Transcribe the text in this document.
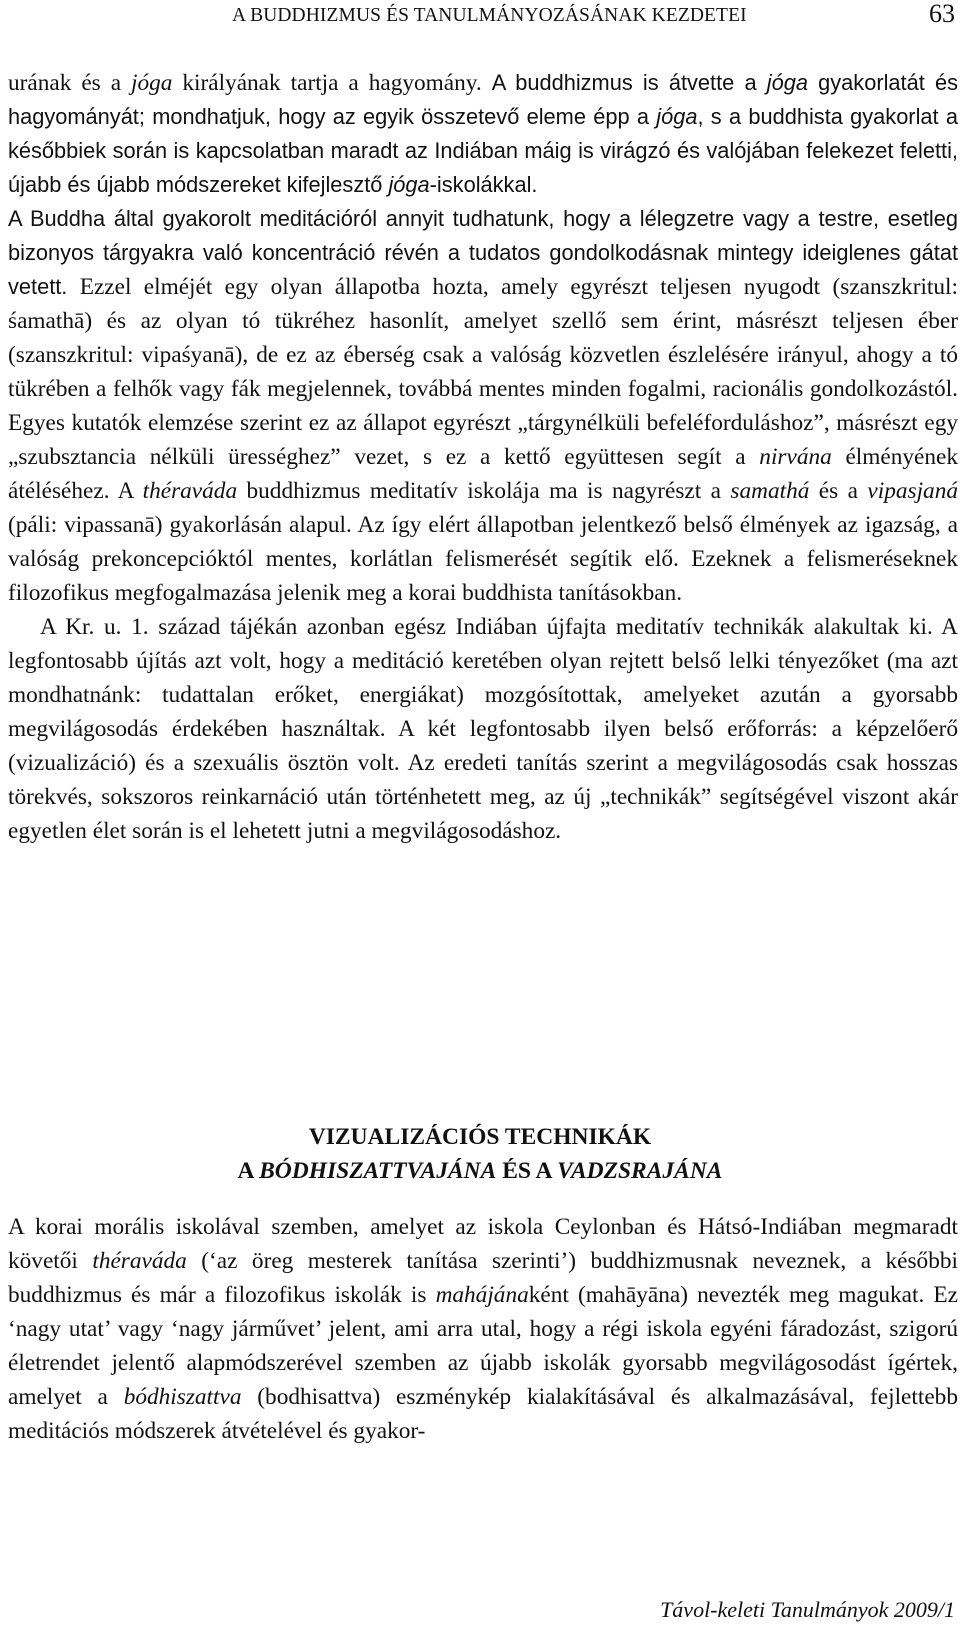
A BUDDHIZMUS ÉS TANULMÁNYOZÁSÁNAK KEZDETEI	63

urának és a jóga királyának tartja a hagyomány. A buddhizmus is átvette a jóga gyakorlatát és hagyományát; mondhatjuk, hogy az egyik összetevő eleme épp a jóga, s a buddhista gyakorlat a későbbiek során is kapcsolatban maradt az Indiában máig is virágzó és valójában felekezet feletti, újabb és újabb módszereket kifejlesztő jóga-iskolákkal.

A Buddha által gyakorolt meditációról annyit tudhatunk, hogy a lélegzetre vagy a testre, esetleg bizonyos tárgyakra való koncentráció révén a tudatos gondolkodásnak mintegy ideiglenes gátat vetett. Ezzel elméjét egy olyan állapotba hozta, amely egyrészt teljesen nyugodt (szanszkritul: śamathā) és az olyan tó tükréhez hasonlít, amelyet szellő sem érint, másrészt teljesen éber (szanszkritul: vipaśyanā), de ez az éberség csak a valóság közvetlen észlelésére irányul, ahogy a tó tükrében a felhők vagy fák megjelennek, továbbá mentes minden fogalmi, racionális gondolkozástól. Egyes kutatók elemzése szerint ez az állapot egyrészt „tárgynélküli befeléforduláshoz”, másrészt egy „szubsztancia nélküli ürességhez” vezet, s ez a kettő együttesen segít a nirvána élményének átéléséhez. A théraváda buddhizmus meditatív iskolája ma is nagyrészt a samathá és a vipasjaná (páli: vipassanā) gyakorlásán alapul. Az így elért állapotban jelentkező belső élmények az igazság, a valóság prekoncepcióktól mentes, korlátlan felismerését segítik elő. Ezeknek a felismeréseknek filozofikus megfogalmazása jelenik meg a korai buddhista tanításokban.

A Kr. u. 1. század tájékán azonban egész Indiában újfajta meditatív technikák alakultak ki. A legfontosabb újítás azt volt, hogy a meditáció keretében olyan rejtett belső lelki tényezőket (ma azt mondhatnánk: tudattalan erőket, energiákat) mozgósítottak, amelyeket azután a gyorsabb megvilágosodás érdekében használtak. A két legfontosabb ilyen belső erőforrás: a képzelőerő (vizualizáció) és a szexuális ösztön volt. Az eredeti tanítás szerint a megvilágosodás csak hosszas törekvés, sokszoros reinkarnáció után történhetett meg, az új „technikák” segítségével viszont akár egyetlen élet során is el lehetett jutni a megvilágosodáshoz.

VIZUALIZÁCIÓS TECHNIKÁK
A BÓDHISZATTVAJÁNA ÉS A VADZSRAJÁNA

A korai morális iskolával szemben, amelyet az iskola Ceylonban és Hátsó-Indiában megmaradt követői théraváda (‘az öreg mesterek tanítása szerinti’) buddhizmusnak neveznek, a későbbi buddhizmus és már a filozofikus iskolák is mahájánaként (mahāyāna) nevezték meg magukat. Ez ‘nagy utat’ vagy ‘nagy járművet’ jelent, ami arra utal, hogy a régi iskola egyéni fáradozást, szigorú életrendet jelentő alapmódszerével szemben az újabb iskolák gyorsabb megvilágosodást ígértek, amelyet a bódhiszattva (bodhisattva) eszménykép kialakításával és alkalmazásával, fejlettebb meditációs módszerek átvételével és gyakor-

Távol-keleti Tanulmányok 2009/1
